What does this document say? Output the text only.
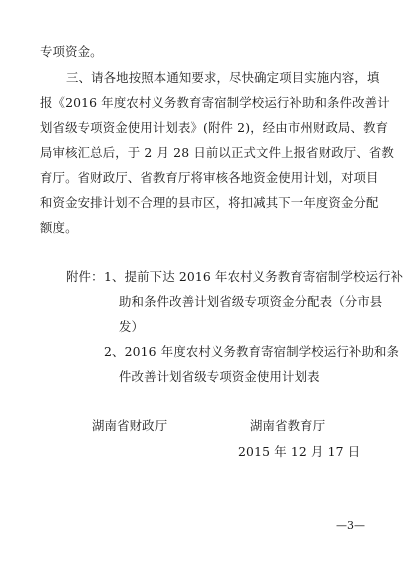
专项资金。
三、请各地按照本通知要求，尽快确定项目实施内容，填
报《2016 年度农村义务教育寄宿制学校运行补助和条件改善计
划省级专项资金使用计划表》(附件 2)，经由市州财政局、教育
局审核汇总后，于 2 月 28 日前以正式文件上报省财政厅、省教
育厅。省财政厅、省教育厅将审核各地资金使用计划，对项目
和资金安排计划不合理的县市区，将扣减其下一年度资金分配
额度。
附件： 1、提前下达 2016 年农村义务教育寄宿制学校运行补
助和条件改善计划省级专项资金分配表（分市县
发）
2、2016 年度农村义务教育寄宿制学校运行补助和条
件改善计划省级专项资金使用计划表
湖南省财政厅	湖南省教育厅
2015 年 12 月 17 日
—3—
